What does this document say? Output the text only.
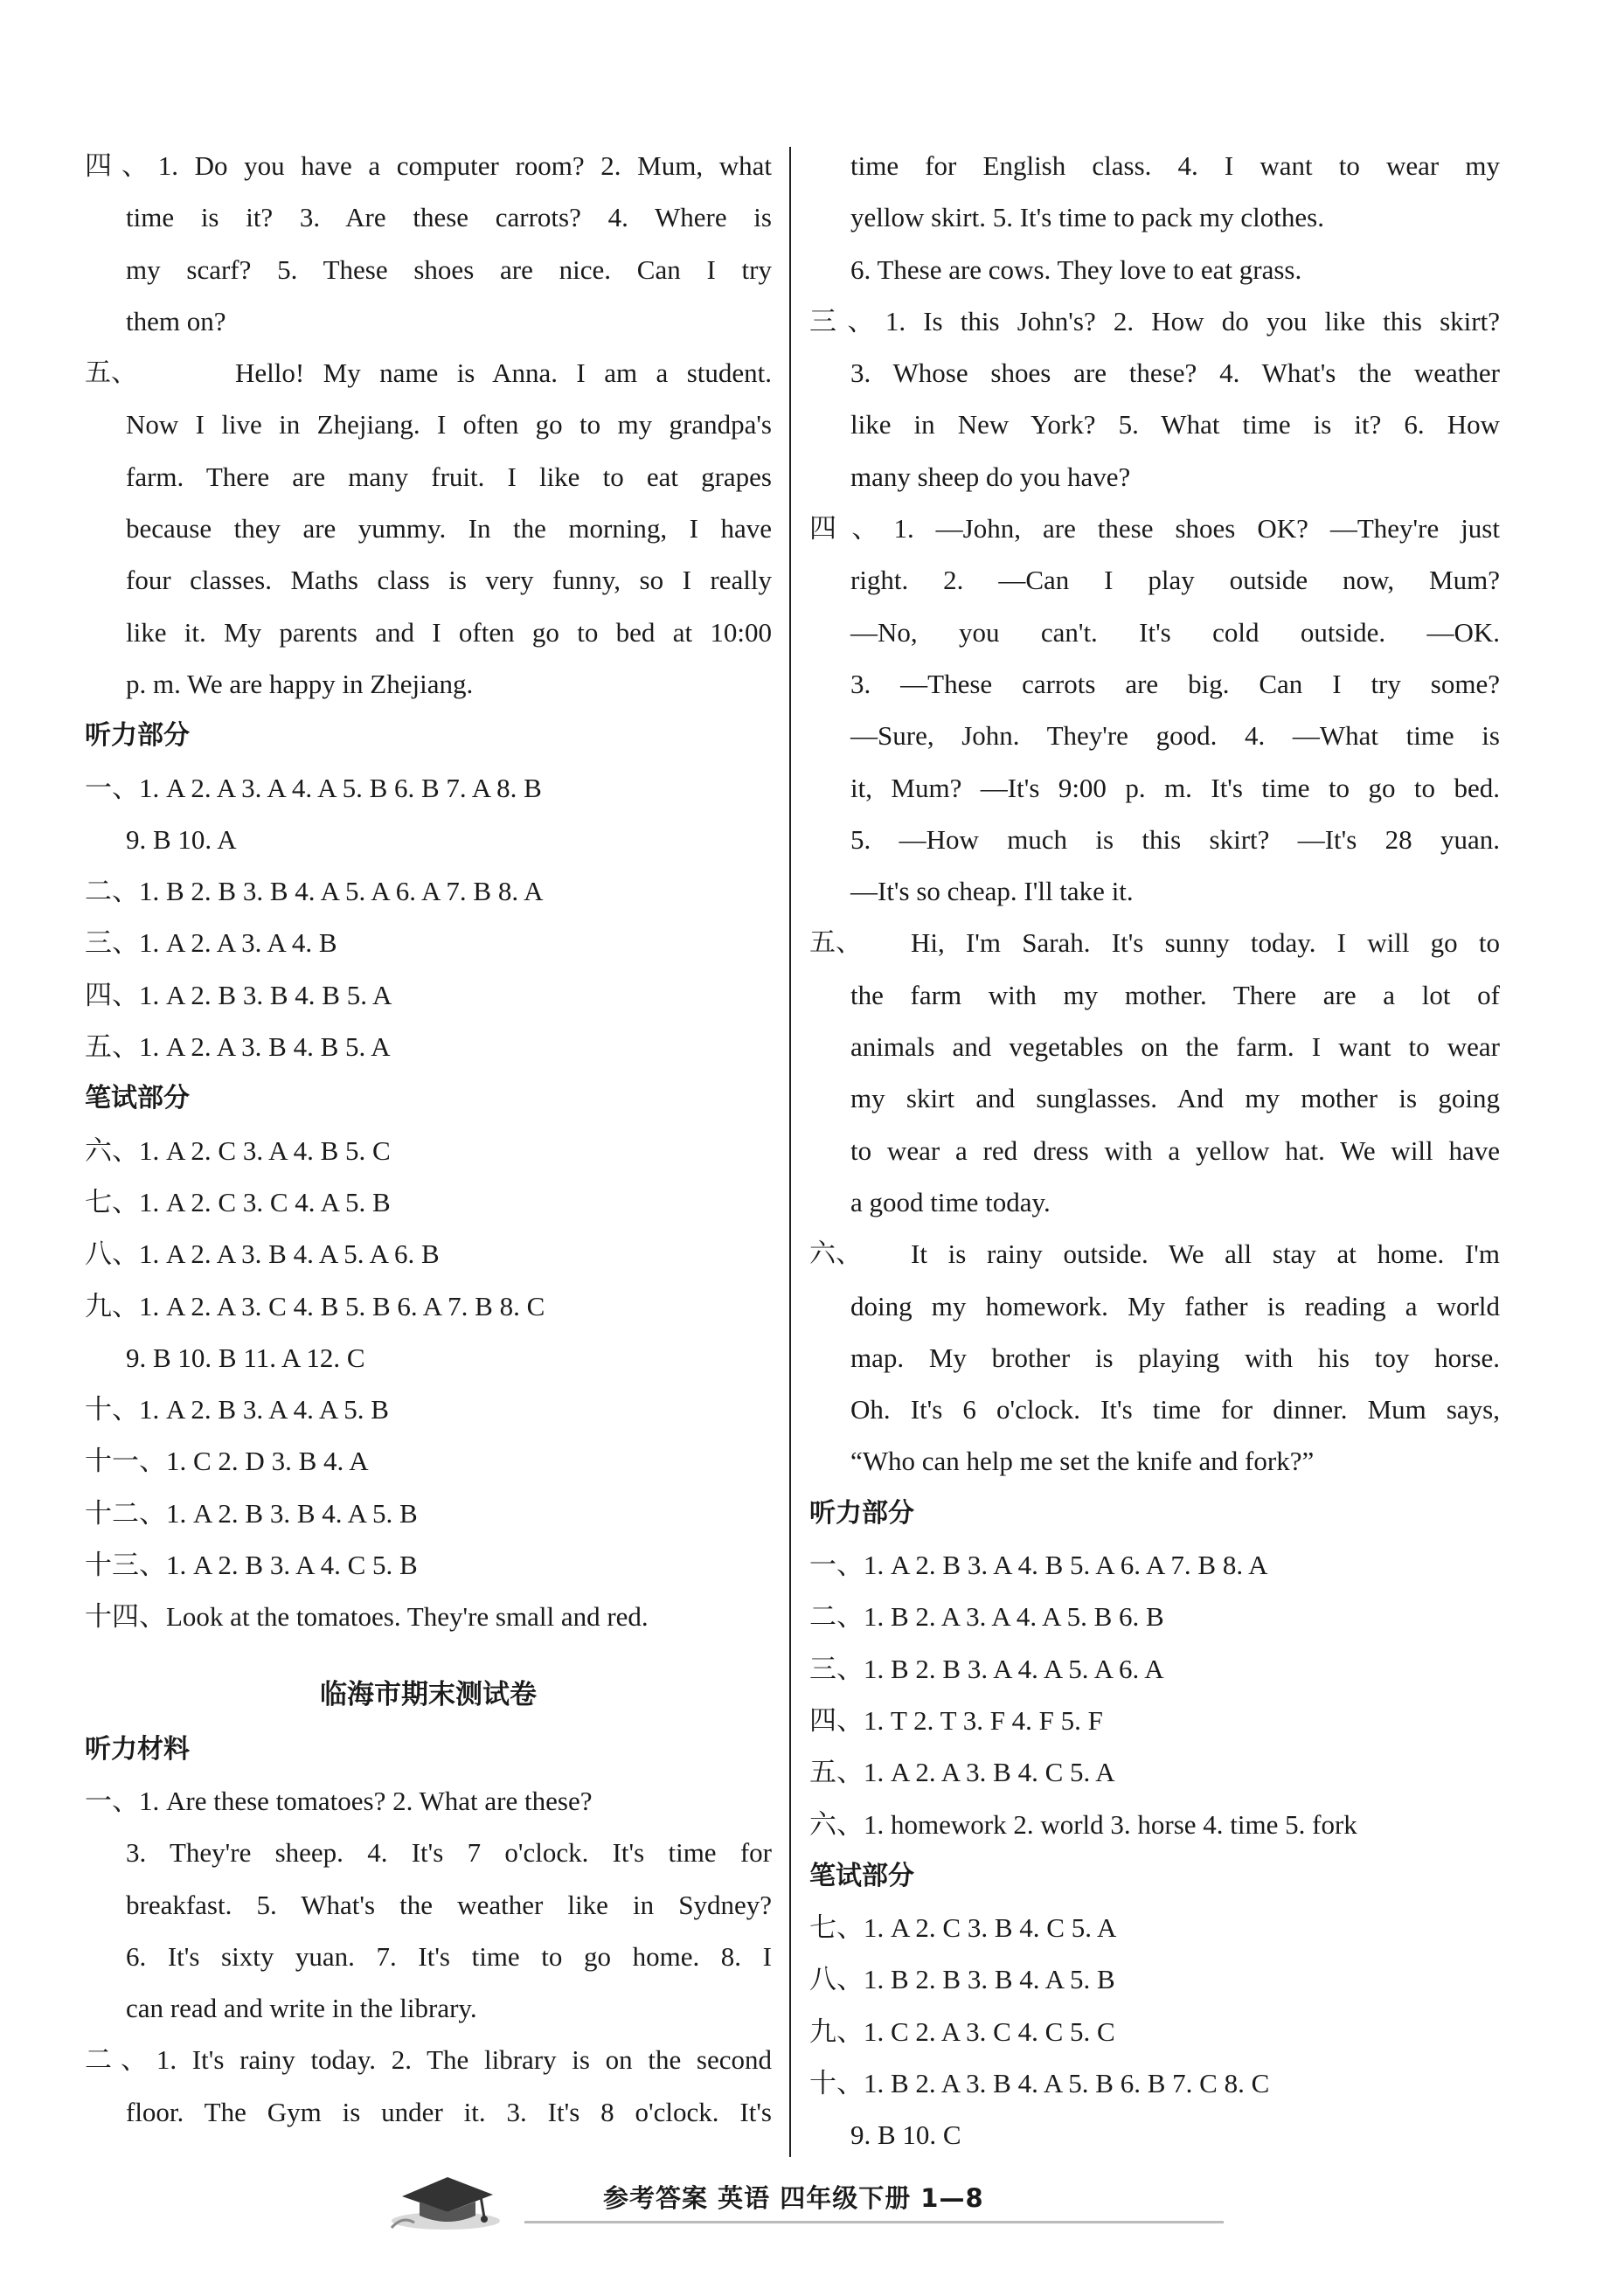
四、1. Do you have a computer room? 2. Mum, what
time is it? 3. Are these carrots? 4. Where is
my scarf? 5. These shoes are nice. Can I try
them on?
五、	Hello! My name is Anna. I am a student.
Now I live in Zhejiang. I often go to my grandpa's
farm. There are many fruit. I like to eat grapes
because they are yummy. In the morning, I have
four classes. Maths class is very funny, so I really
like it. My parents and I often go to bed at 10:00
p. m. We are happy in Zhejiang.
听力部分
一、1. A 2. A 3. A 4. A 5. B 6. B 7. A 8. B
9. B 10. A
二、1. B 2. B 3. B 4. A 5. A 6. A 7. B 8. A
三、1. A 2. A 3. A 4. B
四、1. A 2. B 3. B 4. B 5. A
五、1. A 2. A 3. B 4. B 5. A
笔试部分
六、1. A 2. C 3. A 4. B 5. C
七、1. A 2. C 3. C 4. A 5. B
八、1. A 2. A 3. B 4. A 5. A 6. B
九、1. A 2. A 3. C 4. B 5. B 6. A 7. B 8. C
9. B 10. B 11. A 12. C
十、1. A 2. B 3. A 4. A 5. B
十一、1. C 2. D 3. B 4. A
十二、1. A 2. B 3. B 4. A 5. B
十三、1. A 2. B 3. A 4. C 5. B
十四、Look at the tomatoes. They're small and red.
临海市期末测试卷
听力材料
一、1. Are these tomatoes? 2. What are these?
3. They're sheep. 4. It's 7 o'clock. It's time for
breakfast. 5. What's the weather like in Sydney?
6. It's sixty yuan. 7. It's time to go home. 8. I
can read and write in the library.
二、1. It's rainy today. 2. The library is on the second
floor. The Gym is under it. 3. It's 8 o'clock. It's
time for English class. 4. I want to wear my
yellow skirt. 5. It's time to pack my clothes.
6. These are cows. They love to eat grass.
三、1. Is this John's? 2. How do you like this skirt?
3. Whose shoes are these? 4. What's the weather
like in New York? 5. What time is it? 6. How
many sheep do you have?
四、1. —John, are these shoes OK? —They're just
right. 2. —Can I play outside now, Mum?
—No, you can't. It's cold outside. —OK.
3. —These carrots are big. Can I try some?
—Sure, John. They're good. 4. —What time is
it, Mum? —It's 9:00 p. m. It's time to go to bed.
5. —How much is this skirt? —It's 28 yuan.
—It's so cheap. I'll take it.
五、	Hi, I'm Sarah. It's sunny today. I will go to
the farm with my mother. There are a lot of
animals and vegetables on the farm. I want to wear
my skirt and sunglasses. And my mother is going
to wear a red dress with a yellow hat. We will have
a good time today.
六、	It is rainy outside. We all stay at home. I'm
doing my homework. My father is reading a world
map. My brother is playing with his toy horse.
Oh. It's 6 o'clock. It's time for dinner. Mum says,
“Who can help me set the knife and fork?”
听力部分
一、1. A 2. B 3. A 4. B 5. A 6. A 7. B 8. A
二、1. B 2. A 3. A 4. A 5. B 6. B
三、1. B 2. B 3. A 4. A 5. A 6. A
四、1. T 2. T 3. F 4. F 5. F
五、1. A 2. A 3. B 4. C 5. A
六、1. homework 2. world 3. horse 4. time 5. fork
笔试部分
七、1. A 2. C 3. B 4. C 5. A
八、1. B 2. B 3. B 4. A 5. B
九、1. C 2. A 3. C 4. C 5. C
十、1. B 2. A 3. B 4. A 5. B 6. B 7. C 8. C
9. B 10. C
参考答案 英语 四年级下册 1—8
